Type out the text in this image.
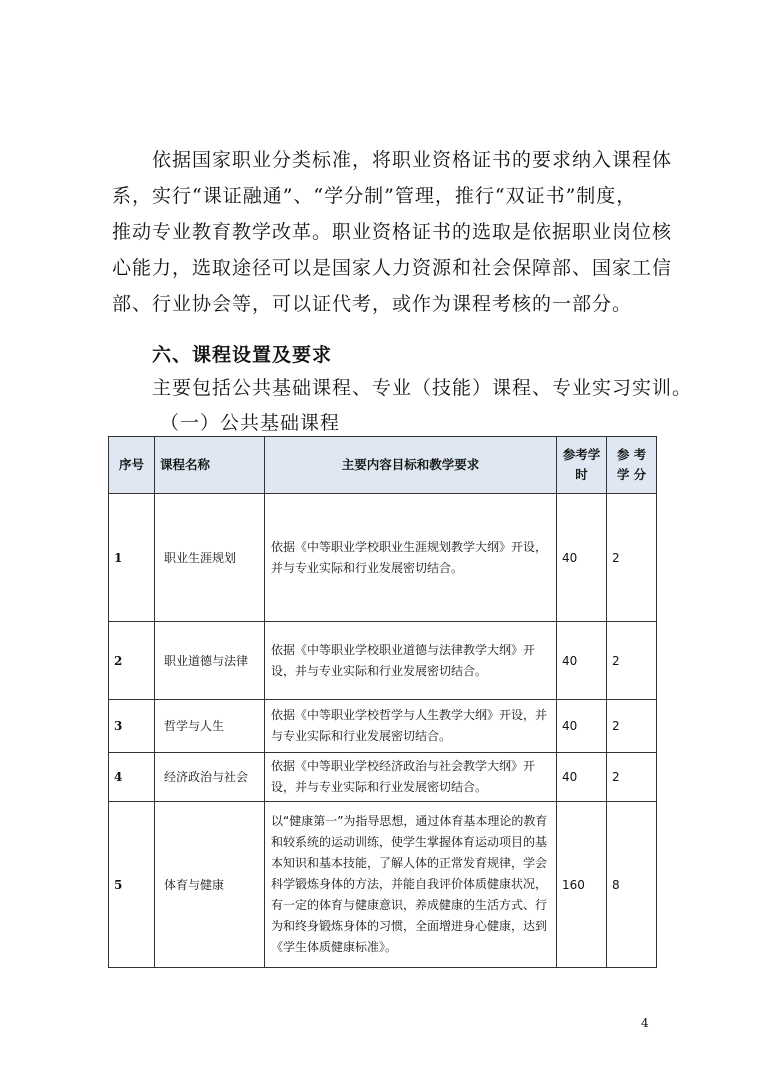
依据国家职业分类标准，将职业资格证书的要求纳入课程体
系，实行“课证融通”、“学分制”管理，推行“双证书”制度，
推动专业教育教学改革。职业资格证书的选取是依据职业岗位核
心能力，选取途径可以是国家人力资源和社会保障部、国家工信
部、行业协会等，可以证代考，或作为课程考核的一部分。
六、课程设置及要求
主要包括公共基础课程、专业（技能）课程、专业实习实训。
（一）公共基础课程
序号	课程名称	主要内容目标和教学要求	参考学时	参 考学 分
1	职业生涯规划	依据《中等职业学校职业生涯规划教学大纲》开设，并与专业实际和行业发展密切结合。	40	2
2	职业道德与法律	依据《中等职业学校职业道德与法律教学大纲》开设，并与专业实际和行业发展密切结合。	40	2
3	哲学与人生	依据《中等职业学校哲学与人生教学大纲》开设，并与专业实际和行业发展密切结合。	40	2
4	经济政治与社会	依据《中等职业学校经济政治与社会教学大纲》开设，并与专业实际和行业发展密切结合。	40	2
5	体育与健康	以“健康第一”为指导思想，通过体育基本理论的教育和较系统的运动训练，使学生掌握体育运动项目的基本知识和基本技能，了解人体的正常发育规律，学会科学锻炼身体的方法，并能自我评价体质健康状况，有一定的体育与健康意识，养成健康的生活方式、行为和终身锻炼身体的习惯，全面增进身心健康，达到《学生体质健康标准》。	160	8
4
